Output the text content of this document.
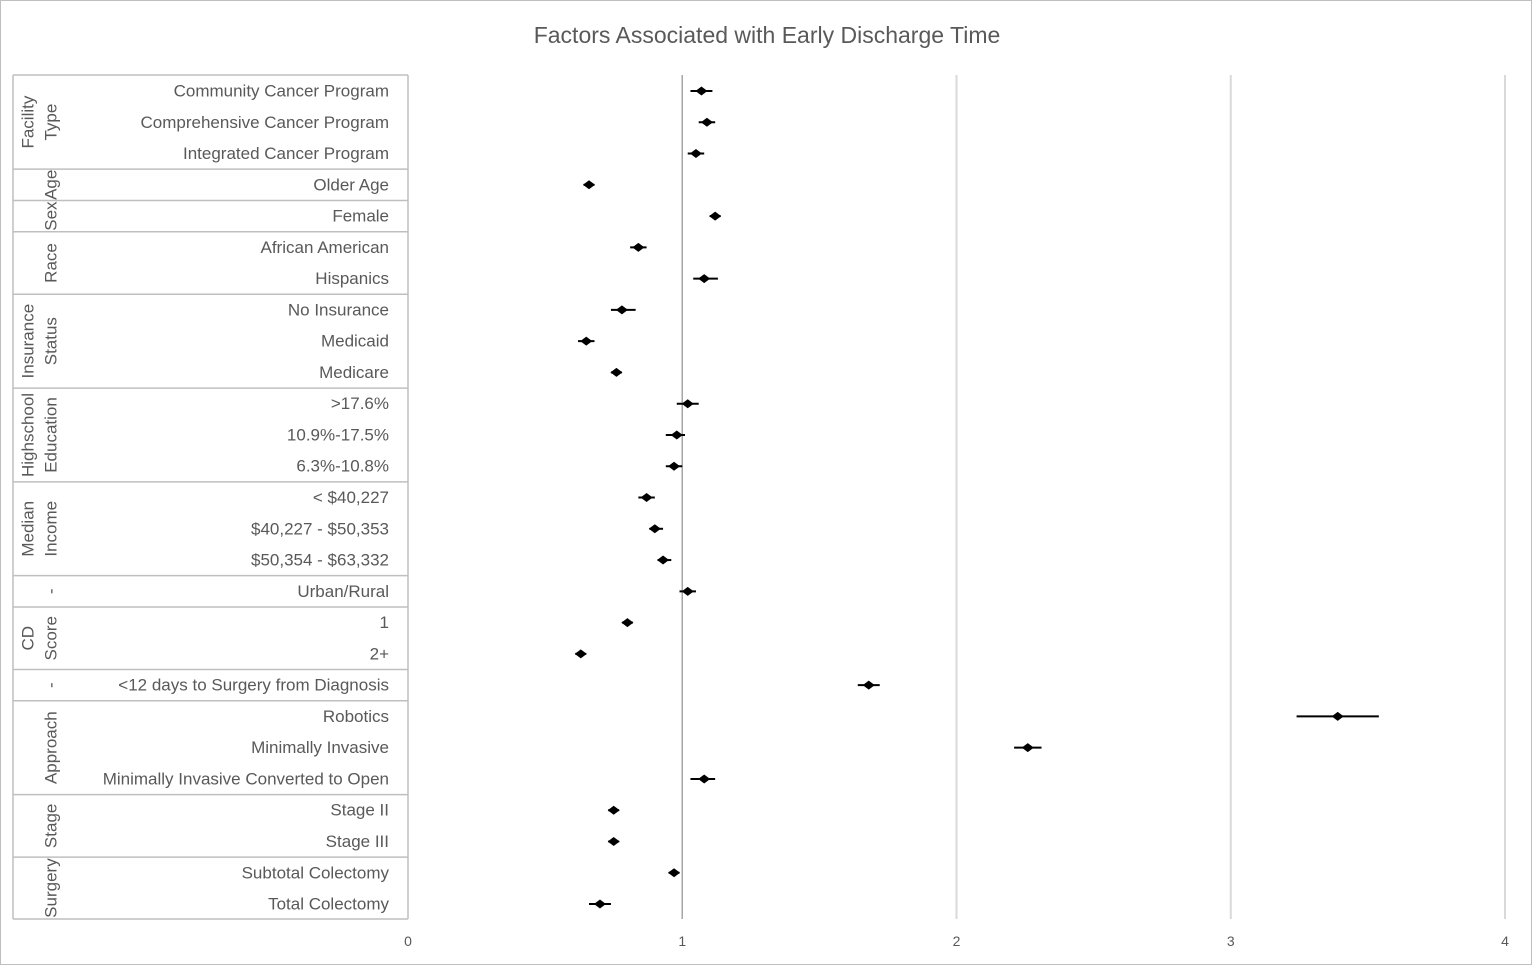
Factors Associated with Early Discharge Time
Facility Type
Community Cancer Program
Comprehensive Cancer Program
Integrated Cancer Program
Age	Older Age
Sex	Female
Race	African American
Hispanics
Insurance Status
No Insurance
Medicaid
Medicare
Highschool Education	>17.6%
10.9%-17.5%
6.3%-10.8%
Median Income
< $40,227
$40,227 - $50,353
$50,354 - $63,332
-	Urban/Rural
CD Score	1
2+
-	<12 days to Surgery from Diagnosis
Approach	Robotics
Minimally Invasive
Minimally Invasive Converted to Open
Stage	Stage II
Stage III
Surgery	Subtotal Colectomy
Total Colectomy
0	1	2	3	4
